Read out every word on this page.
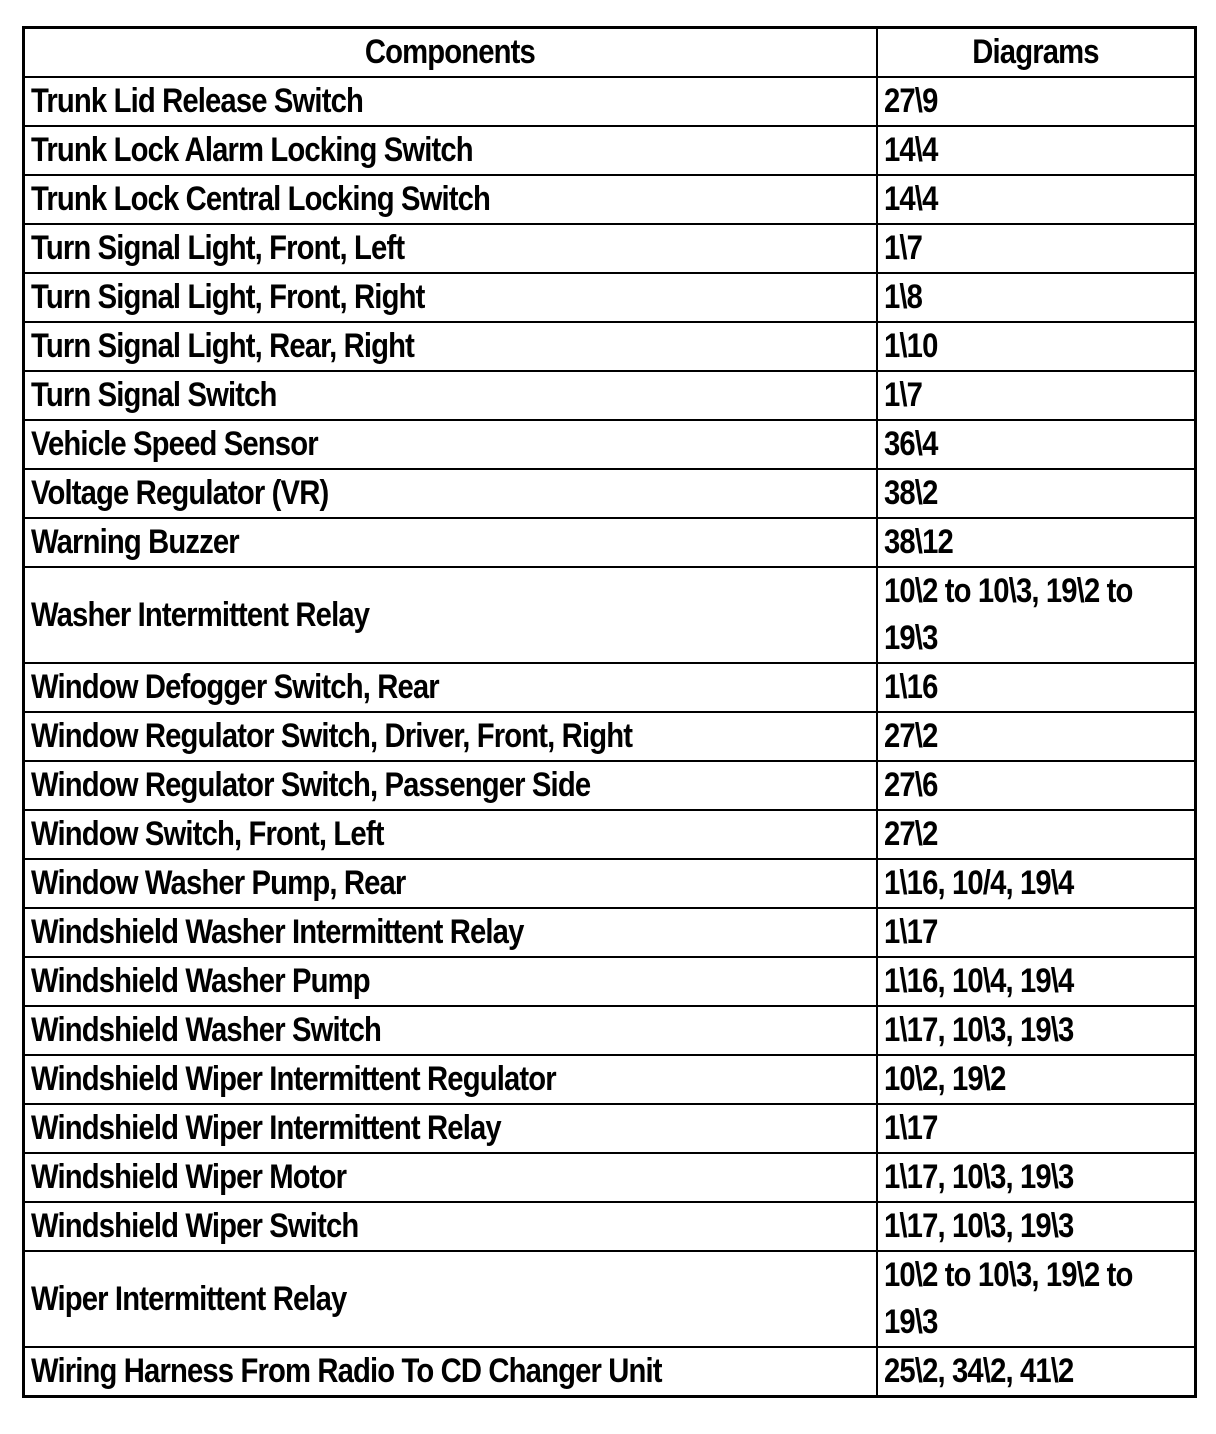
Components	Diagrams
Trunk Lid Release Switch	27\9
Trunk Lock Alarm Locking Switch	14\4
Trunk Lock Central Locking Switch	14\4
Turn Signal Light, Front, Left	1\7
Turn Signal Light, Front, Right	1\8
Turn Signal Light, Rear, Right	1\10
Turn Signal Switch	1\7
Vehicle Speed Sensor	36\4
Voltage Regulator (VR)	38\2
Warning Buzzer	38\12
Washer Intermittent Relay	10\2 to 10\3, 19\2 to 19\3
Window Defogger Switch, Rear	1\16
Window Regulator Switch, Driver, Front, Right	27\2
Window Regulator Switch, Passenger Side	27\6
Window Switch, Front, Left	27\2
Window Washer Pump, Rear	1\16, 10/4, 19\4
Windshield Washer Intermittent Relay	1\17
Windshield Washer Pump	1\16, 10\4, 19\4
Windshield Washer Switch	1\17, 10\3, 19\3
Windshield Wiper Intermittent Regulator	10\2, 19\2
Windshield Wiper Intermittent Relay	1\17
Windshield Wiper Motor	1\17, 10\3, 19\3
Windshield Wiper Switch	1\17, 10\3, 19\3
Wiper Intermittent Relay	10\2 to 10\3, 19\2 to 19\3
Wiring Harness From Radio To CD Changer Unit	25\2, 34\2, 41\2
